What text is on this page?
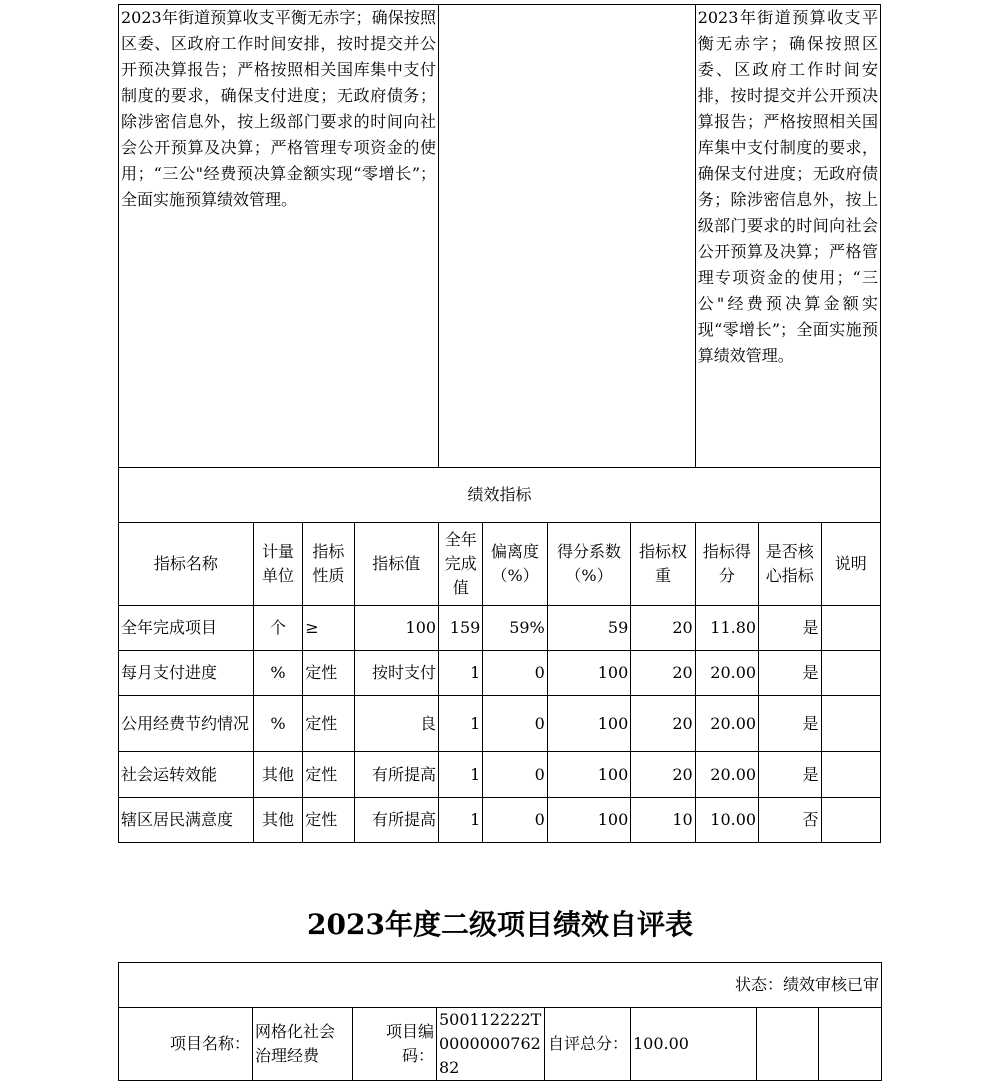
2023年街道预算收支平衡无赤字；确保按照区委、区政府工作时间安排，按时提交并公开预决算报告；严格按照相关国库集中支付制度的要求，确保支付进度；无政府债务；除涉密信息外，按上级部门要求的时间向社会公开预算及决算；严格管理专项资金的使用；“三公"经费预决算金额实现“零增长”；全面实施预算绩效管理。								2023年街道预算收支平衡无赤字；确保按照区委、区政府工作时间安排，按时提交并公开预决算报告；严格按照相关国库集中支付制度的要求，确保支付进度；无政府债务；除涉密信息外，按上级部门要求的时间向社会公开预算及决算；严格管理专项资金的使用；“三公"经费预决算金额实现“零增长”；全面实施预算绩效管理。		
绩效指标										
指标名称	计量单位	指标性质	指标值	全年完成值	偏离度（%）	得分系数（%）	指标权重	指标得分	是否核心指标	说明
全年完成项目	个	≥	100	159	59%	59	20	11.80	是	
每月支付进度	%	定性	按时支付	1	0	100	20	20.00	是	
公用经费节约情况	%	定性	良	1	0	100	20	20.00	是	
社会运转效能	其他	定性	有所提高	1	0	100	20	20.00	是	
辖区居民满意度	其他	定性	有所提高	1	0	100	10	10.00	否	
2023年度二级项目绩效自评表
状态：绩效审核已审
项目名称：	网格化社会治理经费	项目编码：	500112222T000000076282	自评总分：	100.00		
